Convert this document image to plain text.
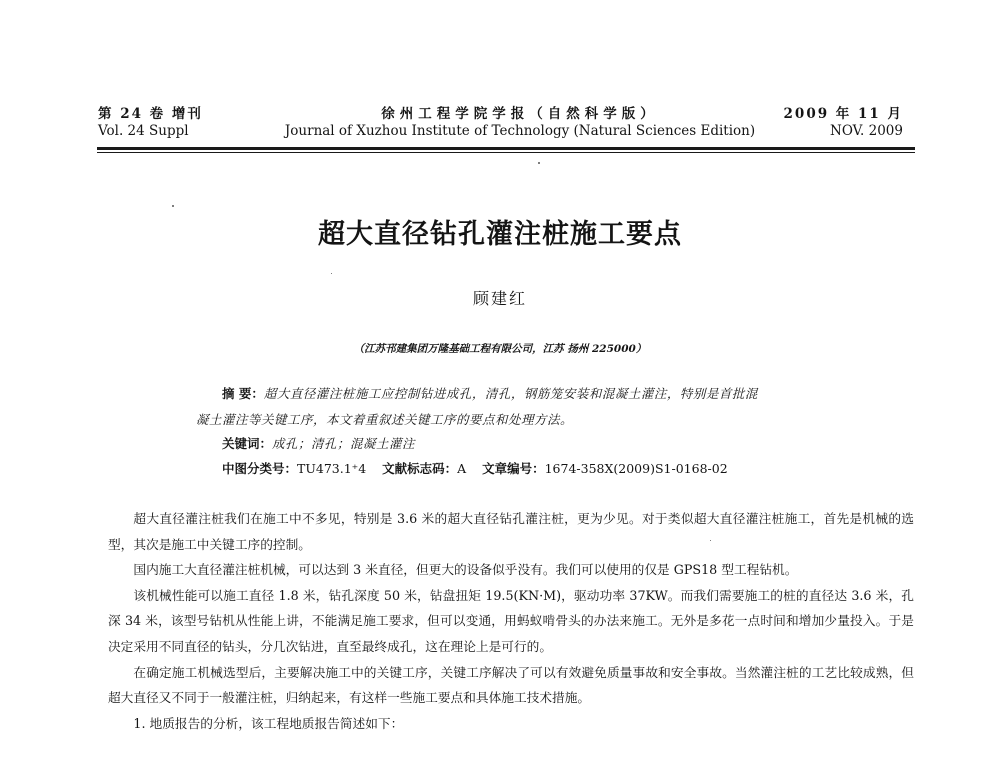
第 24 卷 增刊
Vol. 24 Suppl
徐州工程学院学报（自然科学版）
Journal of Xuzhou Institute of Technology (Natural Sciences Edition)
2009 年 11 月
NOV. 2009
超大直径钻孔灌注桩施工要点
顾建红
（江苏邗建集团万隆基础工程有限公司，江苏 扬州 225000）
摘 要：超大直径灌注桩施工应控制钻进成孔，清孔，钢筋笼安装和混凝土灌注，特别是首批混
凝土灌注等关键工序，本文着重叙述关键工序的要点和处理方法。
关键词：成孔；清孔；混凝土灌注
中图分类号：TU473.1⁺4 文献标志码：A 文章编号：1674-358X(2009)S1-0168-02

超大直径灌注桩我们在施工中不多见，特别是 3.6 米的超大直径钻孔灌注桩，更为少见。对于类似超大直径灌注桩施工，首先是机械的选型，其次是施工中关键工序的控制。

国内施工大直径灌注桩机械，可以达到 3 米直径，但更大的设备似乎没有。我们可以使用的仅是 GPS18 型工程钻机。

该机械性能可以施工直径 1.8 米，钻孔深度 50 米，钻盘扭矩 19.5(KN·M)，驱动功率 37KW。而我们需要施工的桩的直径达 3.6 米，孔深 34 米，该型号钻机从性能上讲，不能满足施工要求，但可以变通，用蚂蚁啃骨头的办法来施工。无外是多花一点时间和增加少量投入。于是决定采用不同直径的钻头，分几次钻进，直至最终成孔，这在理论上是可行的。

在确定施工机械选型后，主要解决施工中的关键工序，关键工序解决了可以有效避免质量事故和安全事故。当然灌注桩的工艺比较成熟，但超大直径又不同于一般灌注桩，归纳起来，有这样一些施工要点和具体施工技术措施。

1. 地质报告的分析，该工程地质报告简述如下：
